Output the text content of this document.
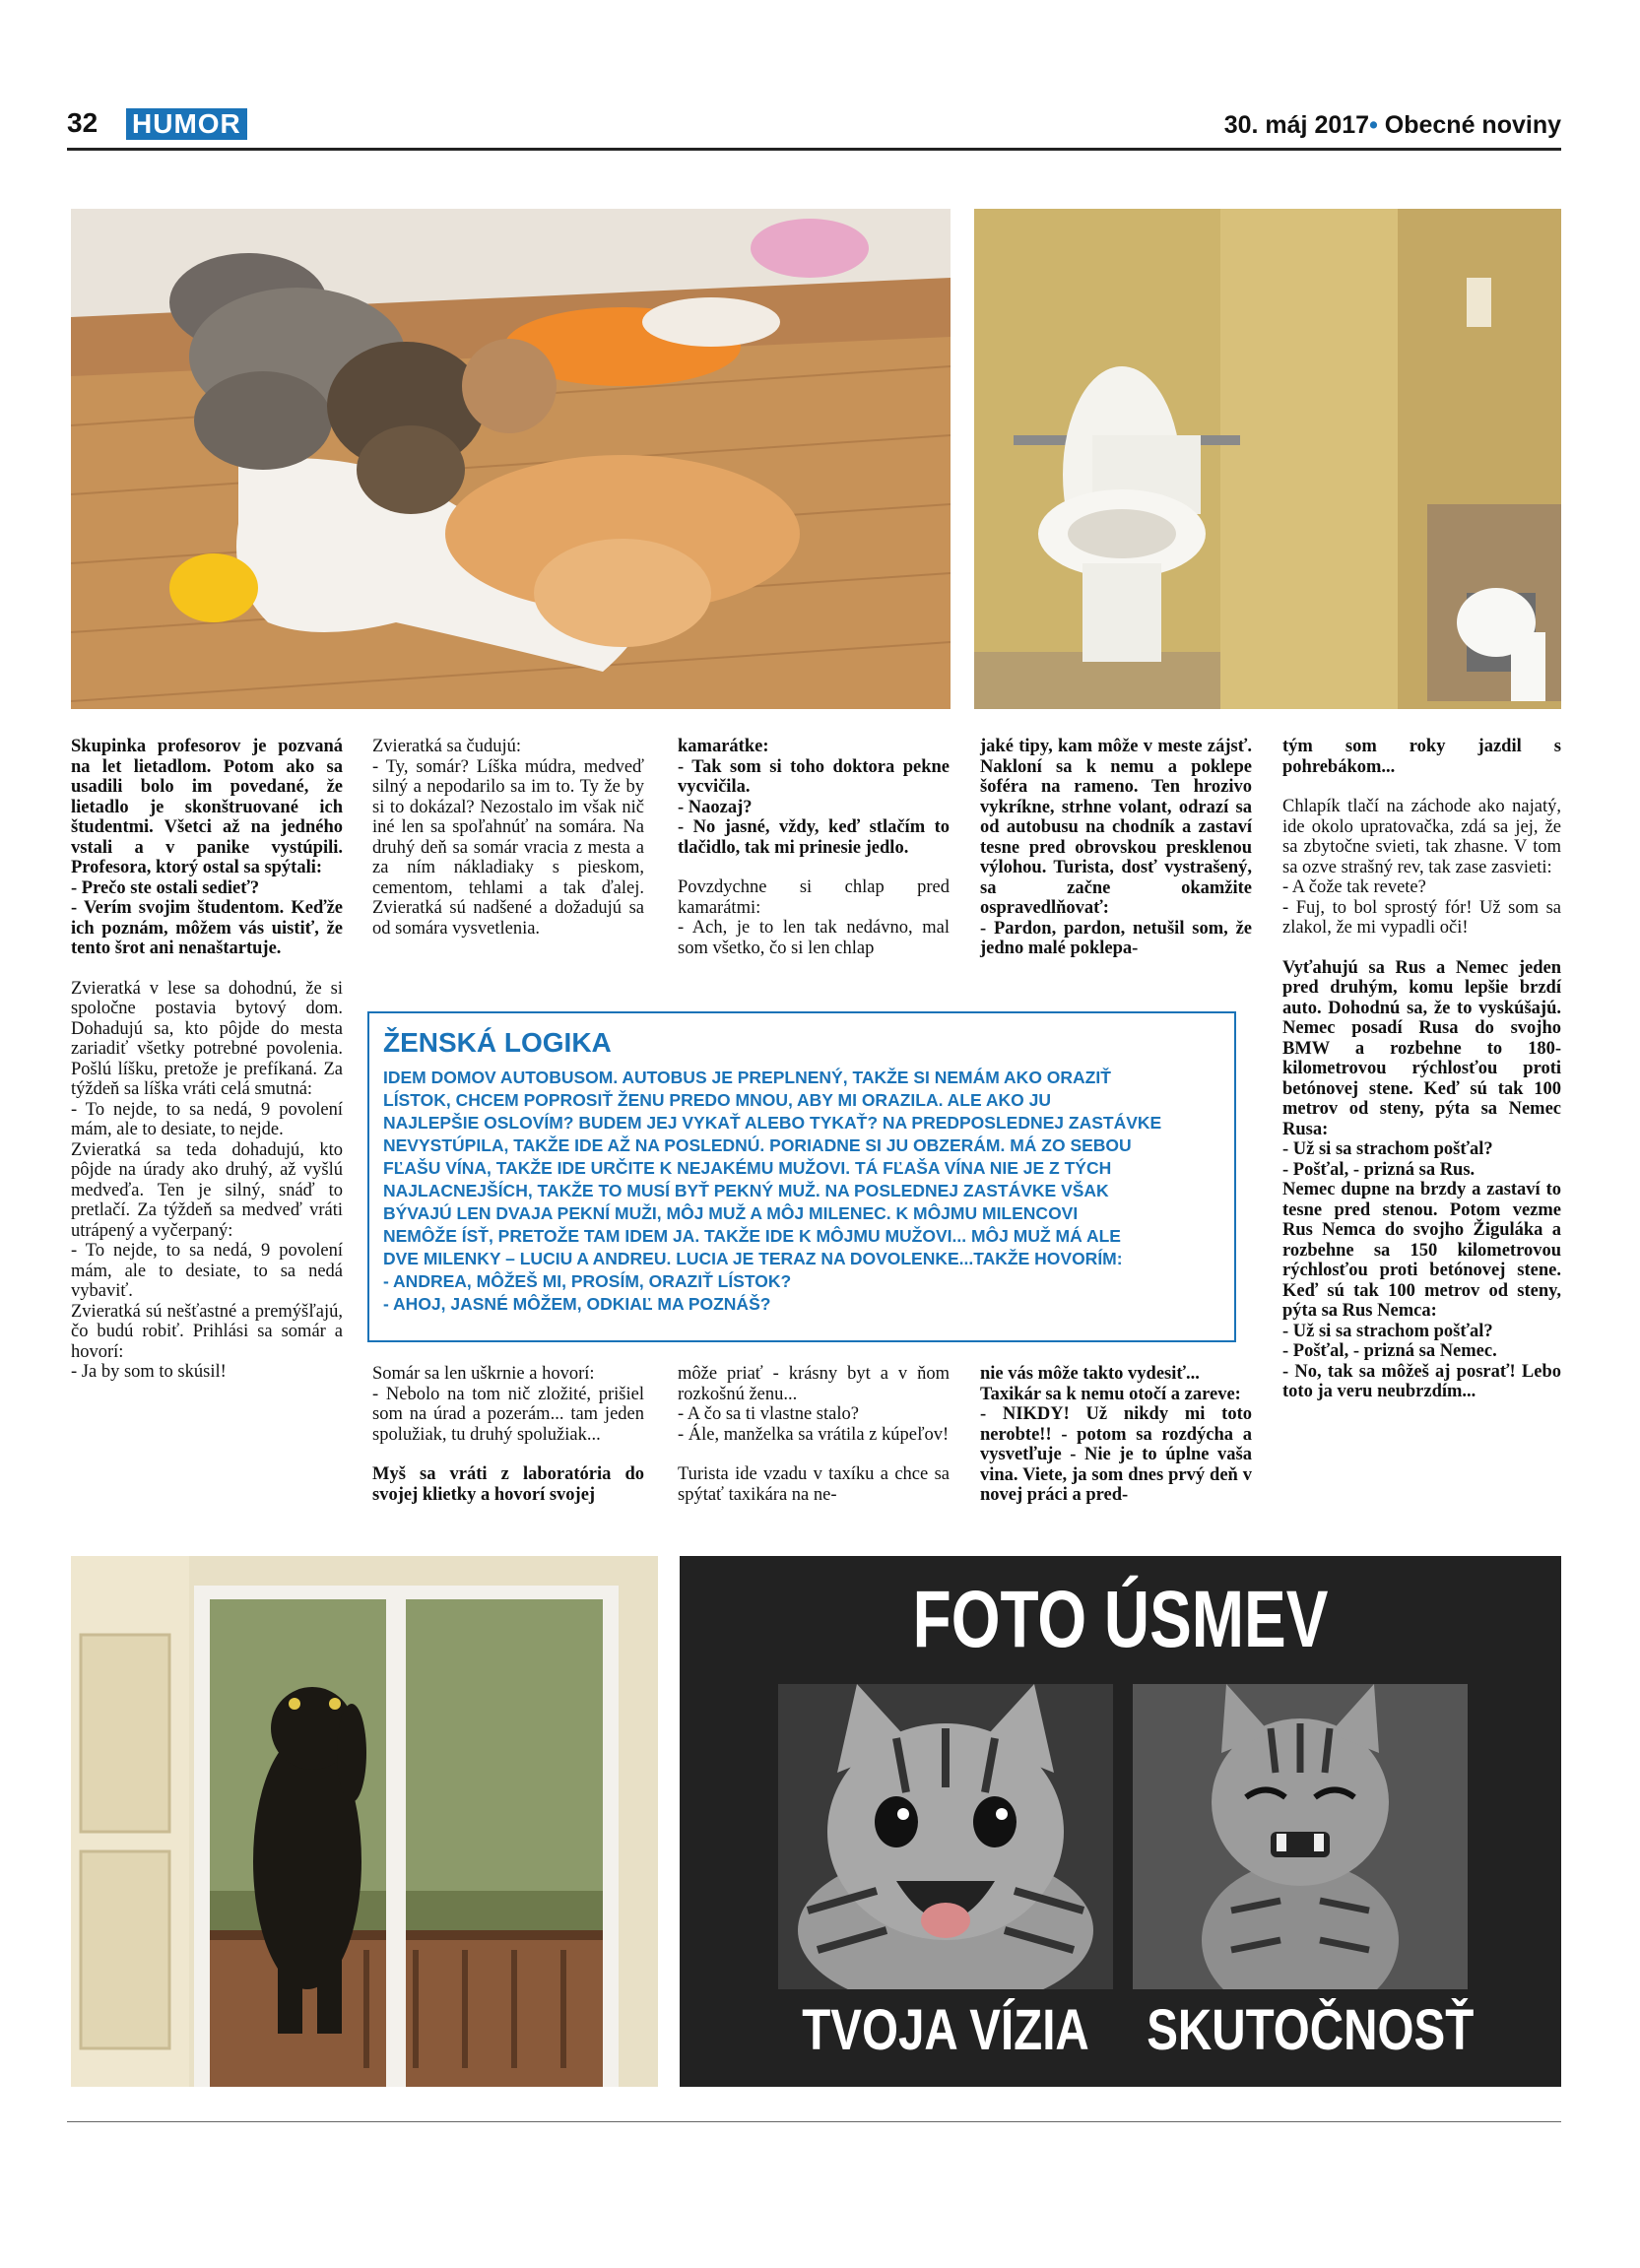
32 HUMOR	30. máj 2017• Obecné noviny

Skupinka profesorov je pozvaná na let lietadlom. Potom ako sa usadili bolo im povedané, že lietadlo je skonštruované ich študentmi. Všetci až na jedného vstali a v panike vystúpili. Profesora, ktorý ostal sa spýtali:

- Prečo ste ostali sedieť?

- Verím svojim študentom. Keďže ich poznám, môžem vás uistiť, že tento šrot ani nenaštartuje.

Zvieratká v lese sa dohodnú, že si spoločne postavia bytový dom. Dohadujú sa, kto pôjde do mesta zariadiť všetky potrebné povolenia. Pošlú líšku, pretože je prefíkaná. Za týždeň sa líška vráti celá smutná:

- To nejde, to sa nedá, 9 povolení mám, ale to desiate, to nejde.

Zvieratká sa teda dohadujú, kto pôjde na úrady ako druhý, až vyšlú medveďa. Ten je silný, snáď to pretlačí. Za týždeň sa medveď vráti utrápený a vyčerpaný:

- To nejde, to sa nedá, 9 povolení mám, ale to desiate, to sa nedá vybaviť.

Zvieratká sú nešťastné a premýšľajú, čo budú robiť. Prihlási sa somár a hovorí:

- Ja by som to skúsil!

Zvieratká sa čudujú:

- Ty, somár? Líška múdra, medveď silný a nepodarilo sa im to. Ty že by si to dokázal? Nezostalo im však nič iné len sa spoľahnúť na somára. Na druhý deň sa somár vracia z mesta a za ním nákladiaky s pieskom, cementom, tehlami a tak ďalej. Zvieratká sú nadšené a dožadujú sa od somára vysvetlenia.

Somár sa len uškrnie a hovorí:

- Nebolo na tom nič zložité, prišiel som na úrad a pozerám... tam jeden spolužiak, tu druhý spolužiak...

Myš sa vráti z laboratória do svojej klietky a hovorí svojej

kamarátke:

- Tak som si toho doktora pekne vycvičila.

- Naozaj?

- No jasné, vždy, keď stlačím to tlačidlo, tak mi prinesie jedlo.

Povzdychne si chlap pred kamarátmi:

- Ach, je to len tak nedávno, mal som všetko, čo si len chlap

môže priať - krásny byt a v ňom rozkošnú ženu...

- A čo sa ti vlastne stalo?

- Ále, manželka sa vrátila z kúpeľov!

Turista ide vzadu v taxíku a chce sa spýtať taxikára na ne-

jaké tipy, kam môže v meste zájsť. Nakloní sa k nemu a poklepe šoféra na rameno. Ten hrozivo vykríkne, strhne volant, odrazí sa od autobusu na chodník a zastaví tesne pred obrovskou presklenou výlohou. Turista, dosť vystrašený, sa začne okamžite ospravedlňovať:

- Pardon, pardon, netušil som, že jedno malé poklepa-

nie vás môže takto vydesiť...

Taxikár sa k nemu otočí a zareve:

- NIKDY! Už nikdy mi toto nerobte!! - potom sa rozdýcha a vysvetľuje - Nie je to úplne vaša vina. Viete, ja som dnes prvý deň v novej práci a pred-

tým som roky jazdil s pohrebákom...

Chlapík tlačí na záchode ako najatý, ide okolo upratovačka, zdá sa jej, že sa zbytočne svieti, tak zhasne. V tom sa ozve strašný rev, tak zase zasvieti:

- A čože tak revete?

- Fuj, to bol sprostý fór! Už som sa zlakol, že mi vypadli oči!

Vyťahujú sa Rus a Nemec jeden pred druhým, komu lepšie brzdí auto. Dohodnú sa, že to vyskúšajú. Nemec posadí Rusa do svojho BMW a rozbehne to 180-kilometrovou rýchlosťou proti betónovej stene. Keď sú tak 100 metrov od steny, pýta sa Nemec Rusa:

- Už si sa strachom pošťal?

- Pošťal, - prizná sa Rus.

Nemec dupne na brzdy a zastaví to tesne pred stenou. Potom vezme Rus Nemca do svojho Žiguláka a rozbehne sa 150 kilometrovou rýchlosťou proti betónovej stene. Keď sú tak 100 metrov od steny, pýta sa Rus Nemca:

- Už si sa strachom pošťal?

- Pošťal, - prizná sa Nemec.

- No, tak sa môžeš aj posrať! Lebo toto ja veru neubrzdím...

ŽENSKÁ LOGIKA

IDEM DOMOV AUTOBUSOM. AUTOBUS JE PREPLNENÝ, TAKŽE SI NEMÁM AKO ORAZIŤ

LÍSTOK, CHCEM POPROSIŤ ŽENU PREDO MNOU, ABY MI ORAZILA. ALE AKO JU

NAJLEPŠIE OSLOVÍM? BUDEM JEJ VYKAŤ ALEBO TYKAŤ? NA PREDPOSLEDNEJ ZASTÁVKE

NEVYSTÚPILA, TAKŽE IDE AŽ NA POSLEDNÚ. PORIADNE SI JU OBZERÁM. MÁ ZO SEBOU

FĽAŠU VÍNA, TAKŽE IDE URČITE K NEJAKÉMU MUŽOVI. TÁ FĽAŠA VÍNA NIE JE Z TÝCH

NAJLACNEJŠÍCH, TAKŽE TO MUSÍ BYŤ PEKNÝ MUŽ. NA POSLEDNEJ ZASTÁVKE VŠAK

BÝVAJÚ LEN DVAJA PEKNÍ MUŽI, MÔJ MUŽ A MÔJ MILENEC. K MÔJMU MILENCOVI

NEMÔŽE ÍSŤ, PRETOŽE TAM IDEM JA. TAKŽE IDE K MÔJMU MUŽOVI... MÔJ MUŽ MÁ ALE

DVE MILENKY – LUCIU A ANDREU. LUCIA JE TERAZ NA DOVOLENKE...TAKŽE HOVORÍM:

- ANDREA, MÔŽEŠ MI, PROSÍM, ORAZIŤ LÍSTOK?

- AHOJ, JASNÉ MÔŽEM, ODKIAĽ MA POZNÁŠ?

FOTO ÚSMEV
TVOJA VÍZIA SKUTOČNOSŤ
